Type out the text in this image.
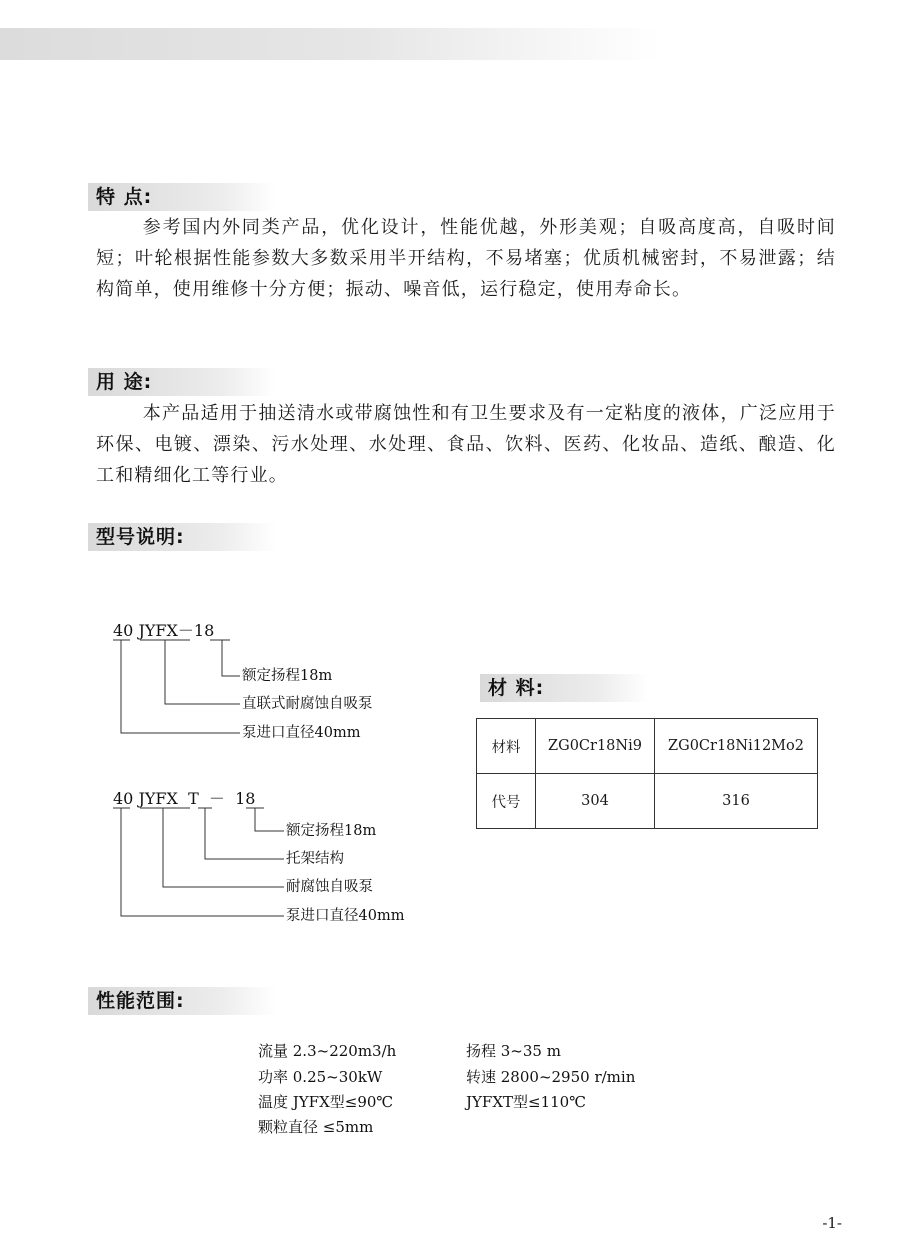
特 点:

参考国内外同类产品，优化设计，性能优越，外形美观；自吸高度高，自吸时间短；叶轮根据性能参数大多数采用半开结构，不易堵塞；优质机械密封，不易泄露；结构简单，使用维修十分方便；振动、噪音低，运行稳定，使用寿命长。

用 途:

本产品适用于抽送清水或带腐蚀性和有卫生要求及有一定粘度的液体，广泛应用于环保、电镀、漂染、污水处理、水处理、食品、饮料、医药、化妆品、造纸、酿造、化工和精细化工等行业。

型号说明:
40 JYFX－18
额定扬程18m
直联式耐腐蚀自吸泵
泵进口直径40mm
40 JYFX  T  －  18
额定扬程18m
托架结构
耐腐蚀自吸泵
泵进口直径40mm
材 料:
材料	ZG0Cr18Ni9	ZG0Cr18Ni12Mo2
代号	304	316
性能范围:
流量 2.3~220m3/h	扬程 3~35 m
功率 0.25~30kW	转速 2800~2950 r/min
温度 JYFX型≤90℃	JYFXT型≤110℃
颗粒直径 ≤5mm
-1-
